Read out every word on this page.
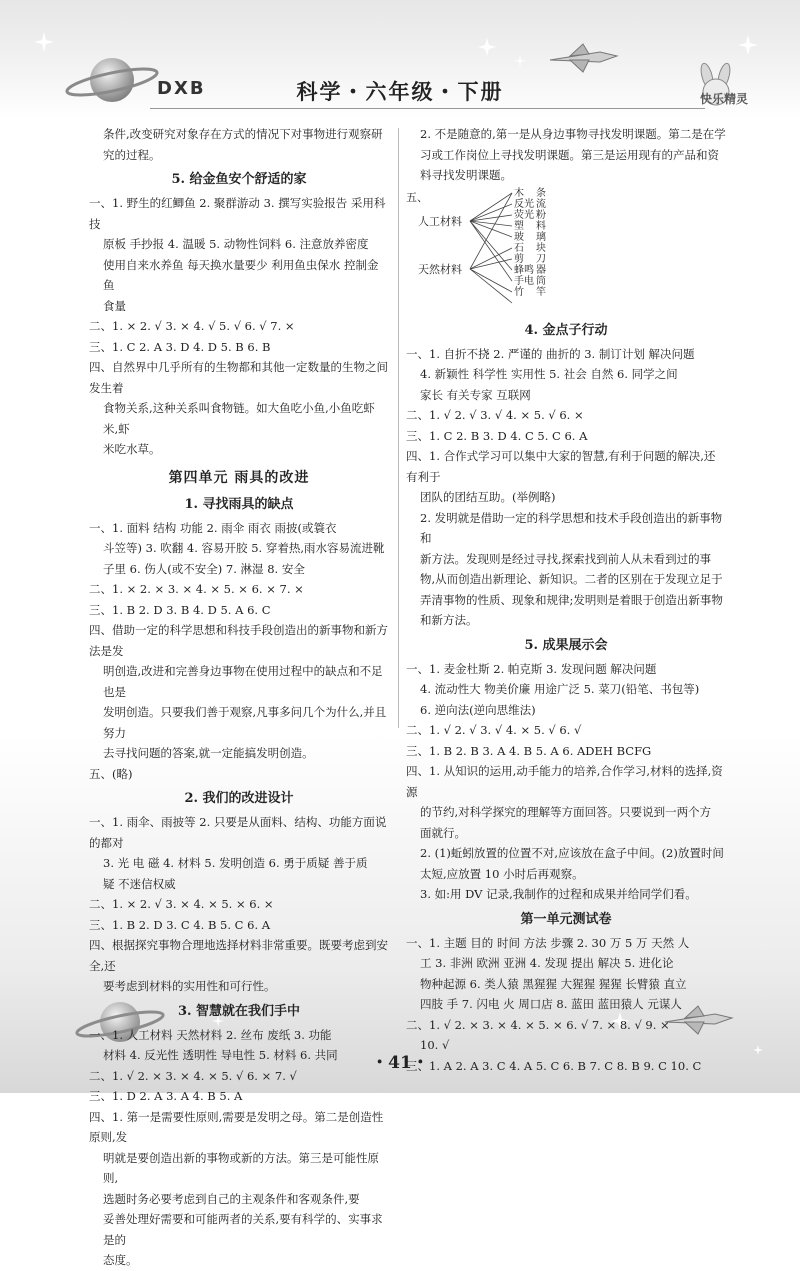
快乐精灵
DXB	科学・六年级・下册

条件,改变研究对象存在方式的情况下对事物进行观察研究的过程。

5. 给金鱼安个舒适的家

一、1. 野生的红鲫鱼 2. 聚群游动 3. 撰写实验报告 采用科技

原板 手抄报 4. 温暖 5. 动物性饲料 6. 注意放养密度

使用自来水养鱼 每天换水量要少 利用鱼虫保水 控制金鱼

食量

二、1. × 2. √ 3. × 4. √ 5. √ 6. √ 7. ×

三、1. C 2. A 3. D 4. D 5. B 6. B

四、自然界中几乎所有的生物都和其他一定数量的生物之间发生着

食物关系,这种关系叫食物链。如大鱼吃小鱼,小鱼吃虾米,虾

米吃水草。

第四单元 雨具的改进
1. 寻找雨具的缺点

一、1. 面料 结构 功能 2. 雨伞 雨衣 雨披(或簑衣

斗笠等) 3. 吹翻 4. 容易开胶 5. 穿着热,雨水容易流进靴

子里 6. 伤人(或不安全) 7. 淋湿 8. 安全

二、1. × 2. × 3. × 4. × 5. × 6. × 7. ×

三、1. B 2. D 3. B 4. D 5. A 6. C

四、借助一定的科学思想和科技手段创造出的新事物和新方法是发

明创造,改进和完善身边事物在使用过程中的缺点和不足也是

发明创造。只要我们善于观察,凡事多问几个为什么,并且努力

去寻找问题的答案,就一定能搞发明创造。

五、(略)

2. 我们的改进设计

一、1. 雨伞、雨披等 2. 只要是从面料、结构、功能方面说的都对

3. 光 电 磁 4. 材料 5. 发明创造 6. 勇于质疑 善于质

疑 不迷信权威

二、1. × 2. √ 3. × 4. × 5. × 6. ×

三、1. B 2. D 3. C 4. B 5. C 6. A

四、根据探究事物合理地选择材料非常重要。既要考虑到安全,还

要考虑到材料的实用性和可行性。

3. 智慧就在我们手中

一、1. 人工材料 天然材料 2. 丝布 废纸 3. 功能

材料 4. 反光性 透明性 导电性 5. 材料 6. 共同

二、1. √ 2. × 3. × 4. × 5. √ 6. × 7. √

三、1. D 2. A 3. A 4. B 5. A

四、1. 第一是需要性原则,需要是发明之母。第二是创造性原则,发

明就是要创造出新的事物或新的方法。第三是可能性原则,

选题时务必要考虑到自己的主观条件和客观条件,要

妥善处理好需要和可能两者的关系,要有科学的、实事求是的

态度。

2. 不是随意的,第一是从身边事物寻找发明课题。第二是在学

习或工作岗位上寻找发明课题。第三是运用现有的产品和资

料寻找发明课题。

五、
人工材料
天然材料
木
反光
荧光
塑
玻
石
剪
蜂鸣
手电
竹
条
流
粉
料
璃
块
刀
器
筒
竿
4. 金点子行动

一、1. 自折不挠 2. 严谨的 曲折的 3. 制订计划 解决问题

4. 新颖性 科学性 实用性 5. 社会 自然 6. 同学之间

家长 有关专家 互联网

二、1. √ 2. √ 3. √ 4. × 5. √ 6. ×

三、1. C 2. B 3. D 4. C 5. C 6. A

四、1. 合作式学习可以集中大家的智慧,有利于问题的解决,还有利于

团队的团结互助。(举例略)

2. 发明就是借助一定的科学思想和技术手段创造出的新事物和

新方法。发现则是经过寻找,探索找到前人从未看到过的事

物,从而创造出新理论、新知识。二者的区别在于发现立足于

弄清事物的性质、现象和规律;发明则是着眼于创造出新事物

和新方法。

5. 成果展示会

一、1. 麦金杜斯 2. 帕克斯 3. 发现问题 解决问题

4. 流动性大 物美价廉 用途广泛 5. 菜刀(铅笔、书包等)

6. 逆向法(逆向思维法)

二、1. √ 2. √ 3. √ 4. × 5. √ 6. √

三、1. B 2. B 3. A 4. B 5. A 6. ADEH BCFG

四、1. 从知识的运用,动手能力的培养,合作学习,材料的选择,资源

的节约,对科学探究的理解等方面回答。只要说到一两个方

面就行。

2. (1)蚯蚓放置的位置不对,应该放在盒子中间。(2)放置时间

太短,应放置 10 小时后再观察。

3. 如:用 DV 记录,我制作的过程和成果并给同学们看。

第一单元测试卷

一、1. 主题 目的 时间 方法 步骤 2. 30 万 5 万 天然 人

工 3. 非洲 欧洲 亚洲 4. 发现 提出 解决 5. 进化论

物种起源 6. 类人猿 黑猩猩 大猩猩 猩猩 长臂猿 直立

四肢 手 7. 闪电 火 周口店 8. 蓝田 蓝田猿人 元谋人

二、1. √ 2. × 3. × 4. × 5. × 6. √ 7. × 8. √ 9. ×

10. √

三、1. A 2. A 3. C 4. A 5. C 6. B 7. C 8. B 9. C 10. C

・41・
